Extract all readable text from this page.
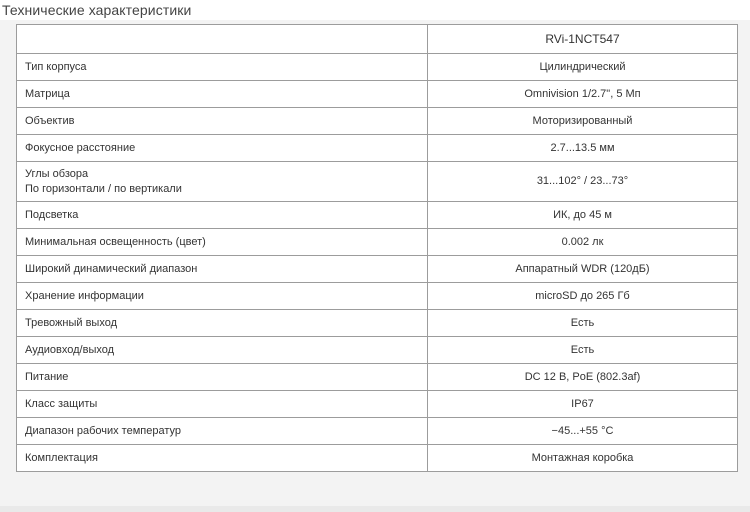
Технические характеристики
	RVi-1NCT547
Тип корпуса	Цилиндрический
Матрица	Omnivision 1/2.7", 5 Мп
Объектив	Моторизированный
Фокусное расстояние	2.7...13.5 мм

Углы обзора
По горизонтали / по вертикали	31...102° / 23...73°
Подсветка	ИК, до 45 м
Минимальная освещенность (цвет)	0.002 лк
Широкий динамический диапазон	Аппаратный WDR (120дБ)
Хранение информации	microSD до 265 Гб
Тревожный выход	Есть
Аудиовход/выход	Есть
Питание	DC 12 В, PoE (802.3af)
Класс защиты	IP67
Диапазон рабочих температур	−45...+55 °C
Комплектация	Монтажная коробка
